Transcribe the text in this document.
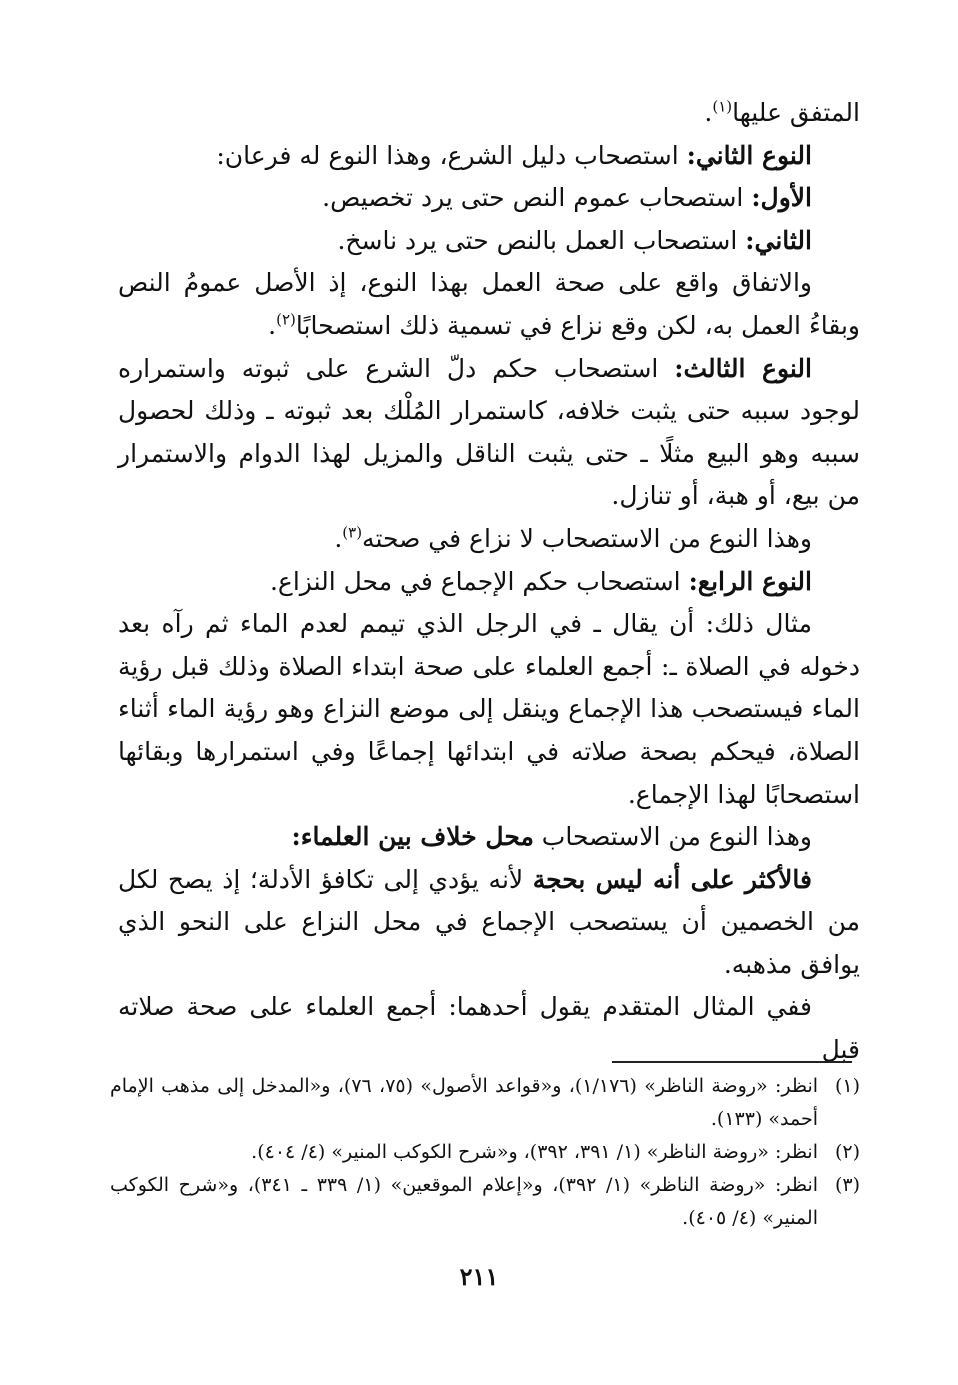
المتفق عليها$^{(١)}$.

النوع الثاني: استصحاب دليل الشرع، وهذا النوع له فرعان:

الأول: استصحاب عموم النص حتى يرد تخصيص.

الثاني: استصحاب العمل بالنص حتى يرد ناسخ.

والاتفاق واقع على صحة العمل بهذا النوع، إذ الأصل عمومُ النص وبقاءُ العمل به، لكن وقع نزاع في تسمية ذلك استصحابًا$^{(٢)}$.

النوع الثالث: استصحاب حكم دلّ الشرع على ثبوته واستمراره لوجود سببه حتى يثبت خلافه، كاستمرار المُلْك بعد ثبوته ـ وذلك لحصول سببه وهو البيع مثلًا ـ حتى يثبت الناقل والمزيل لهذا الدوام والاستمرار من بيع، أو هبة، أو تنازل.

وهذا النوع من الاستصحاب لا نزاع في صحته$^{(٣)}$.

النوع الرابع: استصحاب حكم الإجماع في محل النزاع.

مثال ذلك: أن يقال ـ في الرجل الذي تيمم لعدم الماء ثم رآه بعد دخوله في الصلاة ـ: أجمع العلماء على صحة ابتداء الصلاة وذلك قبل رؤية الماء فيستصحب هذا الإجماع وينقل إلى موضع النزاع وهو رؤية الماء أثناء الصلاة، فيحكم بصحة صلاته في ابتدائها إجماعًا وفي استمرارها وبقائها استصحابًا لهذا الإجماع.

وهذا النوع من الاستصحاب محل خلاف بين العلماء:

فالأكثر على أنه ليس بحجة لأنه يؤدي إلى تكافؤ الأدلة؛ إذ يصح لكل من الخصمين أن يستصحب الإجماع في محل النزاع على النحو الذي يوافق مذهبه.

ففي المثال المتقدم يقول أحدهما: أجمع العلماء على صحة صلاته قبل

(١)
انظر: «روضة الناظر» (١/١٧٦)، و«قواعد الأصول» (٧٥، ٧٦)، و«المدخل إلى مذهب الإمام أحمد» (١٣٣).
(٢)
انظر: «روضة الناظر» (١/ ٣٩١، ٣٩٢)، و«شرح الكوكب المنير» (٤/ ٤٠٤).
(٣)
انظر: «روضة الناظر» (١/ ٣٩٢)، و«إعلام الموقعين» (١/ ٣٣٩ ـ ٣٤١)، و«شرح الكوكب المنير» (٤/ ٤٠٥).
٢١١
